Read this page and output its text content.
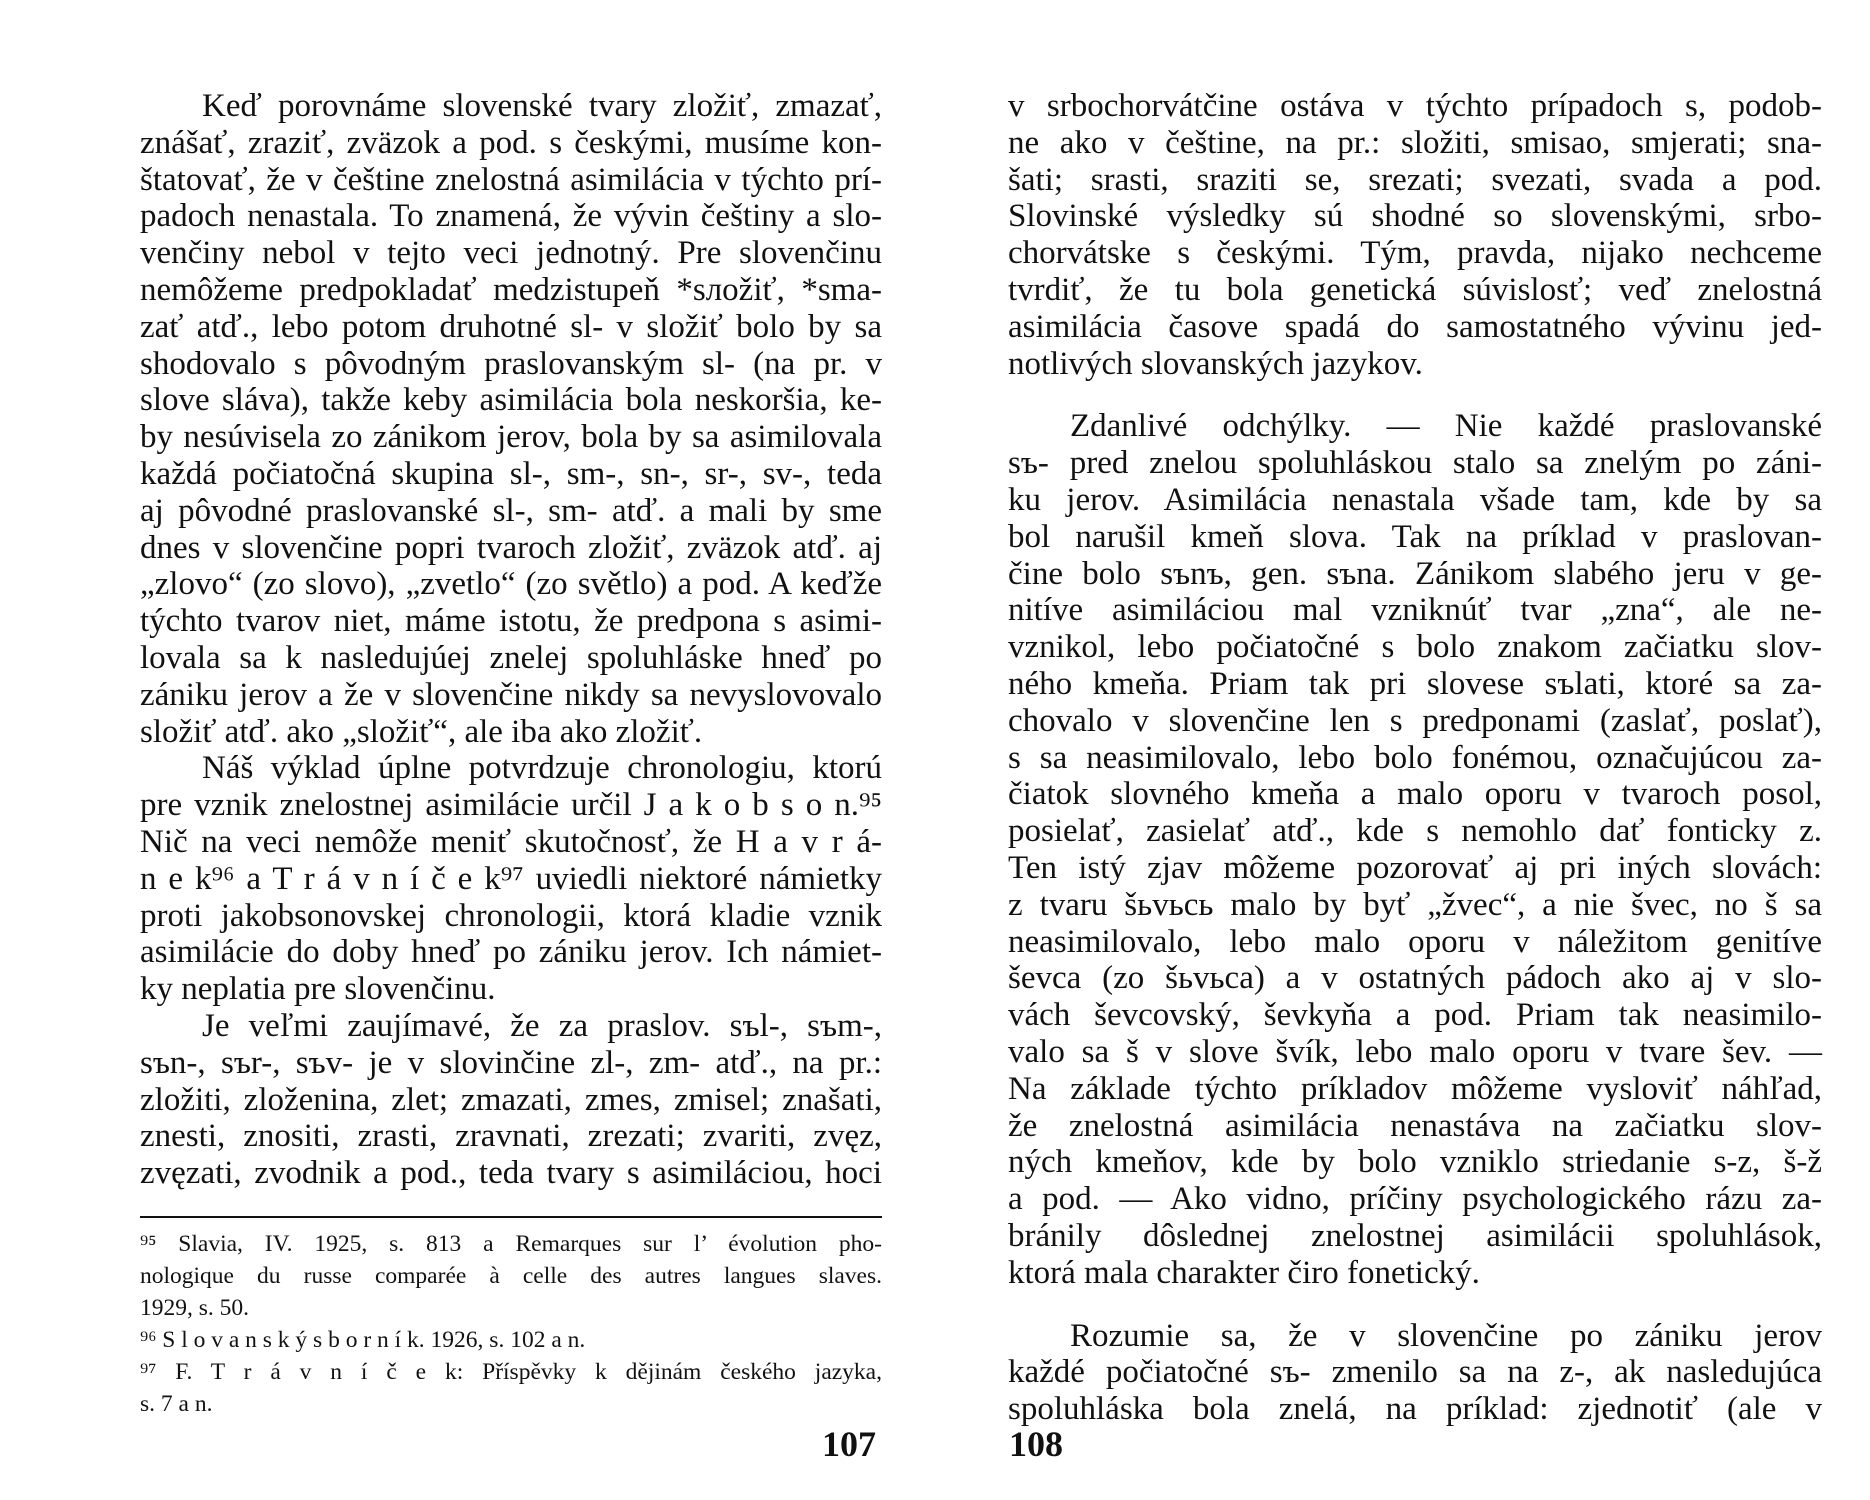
Keď porovnáme slovenské tvary zložiť, zmazať,
znášať, zraziť, zväzok a pod. s českými, musíme kon-
štatovať, že v češtine znelostná asimilácia v týchto prí-
padoch nenastala. To znamená, že vývin češtiny a slo-
venčiny nebol v tejto veci jednotný. Pre slovenčinu
nemôžeme predpokladať medzistupeň *sлožiť, *sma-
zať atď., lebo potom druhotné sl- v složiť bolo by sa
shodovalo s pôvodným praslovanským sl- (na pr. v
slove sláva), takže keby asimilácia bola neskoršia, ke-
by nesúvisela zo zánikom jerov, bola by sa asimilovala
každá počiatočná skupina sl-, sm-, sn-, sr-, sv-, teda
aj pôvodné praslovanské sl-, sm- atď. a mali by sme
dnes v slovenčine popri tvaroch zložiť, zväzok atď. aj
„zlovo“ (zo slovo), „zvetlo“ (zo světlo) a pod. A keďže
týchto tvarov niet, máme istotu, že predpona s asimi-
lovala sa k nasledujúej znelej spoluhláske hneď po
zániku jerov a že v slovenčine nikdy sa nevyslovovalo
složiť atď. ako „složiť“, ale iba ako zložiť.
Náš výklad úplne potvrdzuje chronologiu, ktorú
pre vznik znelostnej asimilácie určil J a k o b s o n.⁹⁵
Nič na veci nemôže meniť skutočnosť, že H a v r á-
n e k⁹⁶ a T r á v n í č e k⁹⁷ uviedli niektoré námietky
proti jakobsonovskej chronologii, ktorá kladie vznik
asimilácie do doby hneď po zániku jerov. Ich námiet-
ky neplatia pre slovenčinu.
Je veľmi zaujímavé, že za praslov. sъl-, sъm-,
sъn-, sъr-, sъv- je v slovinčine zl-, zm- atď., na pr.:
zložiti, zloženina, zlet; zmazati, zmes, zmisel; znašati,
znesti, znositi, zrasti, zravnati, zrezati; zvariti, zvęz,
zvęzati, zvodnik a pod., teda tvary s asimiláciou, hoci
⁹⁵ Slavia, IV. 1925, s. 813 a Remarques sur l’ évolution pho-
nologique du russe comparée à celle des autres langues slaves.
1929, s. 50.
⁹⁶ S l o v a n s k ý s b o r n í k. 1926, s. 102 a n.
⁹⁷ F. T r á v n í č e k: Příspěvky k dějinám českého jazyka,
s. 7 a n.
v srbochorvátčine ostáva v týchto prípadoch s, podob-
ne ako v češtine, na pr.: složiti, smisao, smjerati; sna-
šati; srasti, sraziti se, srezati; svezati, svada a pod.
Slovinské výsledky sú shodné so slovenskými, srbo-
chorvátske s českými. Tým, pravda, nijako nechceme
tvrdiť, že tu bola genetická súvislosť; veď znelostná
asimilácia časove spadá do samostatného vývinu jed-
notlivých slovanských jazykov.
Zdanlivé odchýlky. — Nie každé praslovanské
sъ- pred znelou spoluhláskou stalo sa znelým po záni-
ku jerov. Asimilácia nenastala všade tam, kde by sa
bol narušil kmeň slova. Tak na príklad v praslovan-
čine bolo sъnъ, gen. sъna. Zánikom slabého jeru v ge-
nitíve asimiláciou mal vzniknúť tvar „zna“, ale ne-
vznikol, lebo počiatočné s bolo znakom začiatku slov-
ného kmeňa. Priam tak pri slovese sъlati, ktoré sa za-
chovalo v slovenčine len s predponami (zaslať, poslať),
s sa neasimilovalo, lebo bolo fonémou, označujúcou za-
čiatok slovného kmeňa a malo oporu v tvaroch posol,
posielať, zasielať atď., kde s nemohlo dať fonticky z.
Ten istý zjav môžeme pozorovať aj pri iných slovách:
z tvaru šьvьcь malo by byť „žvec“, a nie švec, no š sa
neasimilovalo, lebo malo oporu v náležitom genitíve
ševca (zo šьvьca) a v ostatných pádoch ako aj v slo-
vách ševcovský, ševkyňa a pod. Priam tak neasimilo-
valo sa š v slove švík, lebo malo oporu v tvare šev. —
Na základe týchto príkladov môžeme vysloviť náhľad,
že znelostná asimilácia nenastáva na začiatku slov-
ných kmeňov, kde by bolo vzniklo striedanie s-z, š-ž
a pod. — Ako vidno, príčiny psychologického rázu za-
bránily dôslednej znelostnej asimilácii spoluhlások,
ktorá mala charakter čiro fonetický.
Rozumie sa, že v slovenčine po zániku jerov
každé počiatočné sъ- zmenilo sa na z-, ak nasledujúca
spoluhláska bola znelá, na príklad: zjednotiť (ale v
107	108
